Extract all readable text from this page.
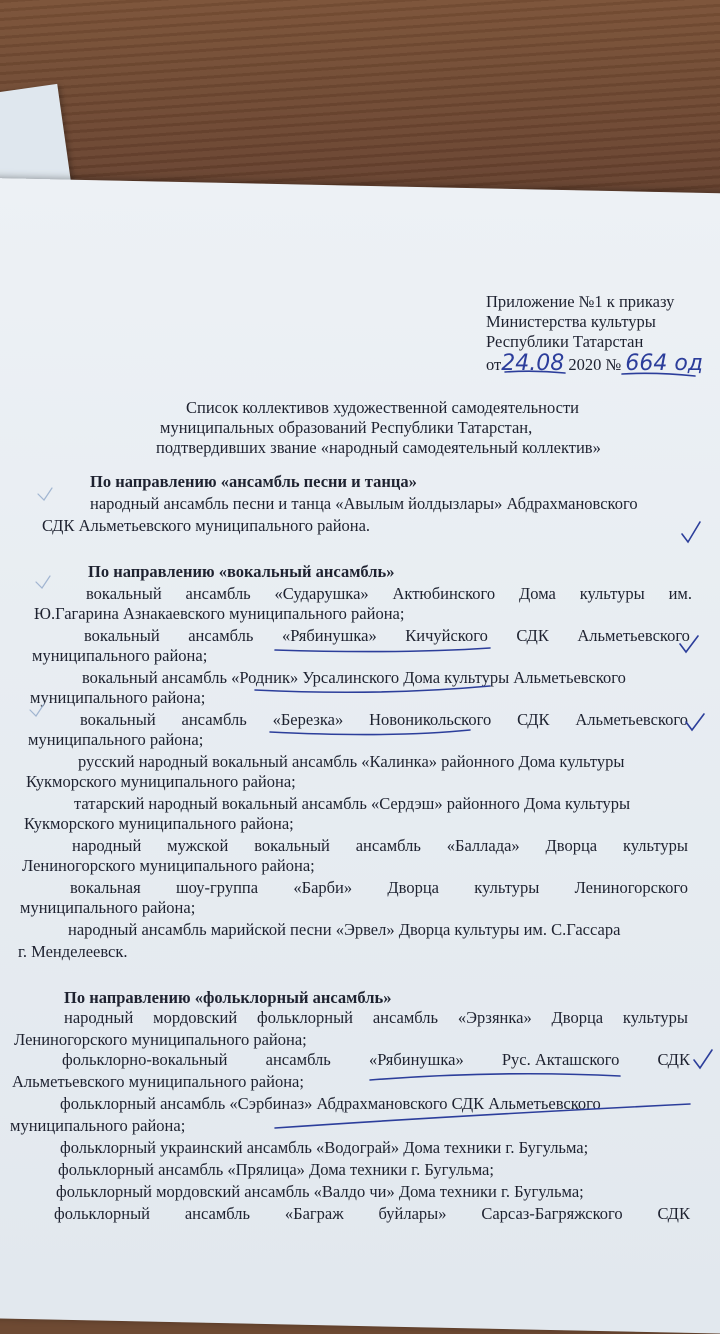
Приложение №1 к приказу
Министерства культуры
Республики Татарстан
от24.08 2020 № 664 од
Список коллективов художественной самодеятельности
муниципальных образований Республики Татарстан,
подтвердивших звание «народный самодеятельный коллектив»
По направлению «ансамбль песни и танца»
народный ансамбль песни и танца «Авылым йолдызлары» Абдрахмановского
СДК Альметьевского муниципального района.
По направлению «вокальный ансамбль»
вокальный ансамбль «Сударушка» Актюбинского Дома культуры им.
Ю.Гагарина Азнакаевского муниципального района;
вокальный ансамбль «Рябинушка» Кичуйского СДК Альметьевского
муниципального района;
вокальный ансамбль «Родник» Урсалинского Дома культуры Альметьевского
муниципального района;
вокальный ансамбль «Березка» Новоникольского СДК Альметьевского
муниципального района;
русский народный вокальный ансамбль «Калинка» районного Дома культуры
Кукморского муниципального района;
татарский народный вокальный ансамбль «Сердэш» районного Дома культуры
Кукморского муниципального района;
народный мужской вокальный ансамбль «Баллада» Дворца культуры
Лениногорского муниципального района;
вокальная шоу-группа «Барби» Дворца культуры Лениногорского
муниципального района;
народный ансамбль марийской песни «Эрвел» Дворца культуры им. С.Гассара
г. Менделеевск.
По направлению «фольклорный ансамбль»
народный мордовский фольклорный ансамбль «Эрзянка» Дворца культуры
Лениногорского муниципального района;
фольклорно-вокальный ансамбль «Рябинушка» Рус. Акташского СДК
Альметьевского муниципального района;
фольклорный ансамбль «Сэрбиназ» Абдрахмановского СДК Альметьевского
муниципального района;
фольклорный украинский ансамбль «Водограй» Дома техники г. Бугульма;
фольклорный ансамбль «Прялица» Дома техники г. Бугульма;
фольклорный мордовский ансамбль «Валдо чи» Дома техники г. Бугульма;
фольклорный ансамбль «Баграж буйлары» Сарсаз-Багряжского СДК
